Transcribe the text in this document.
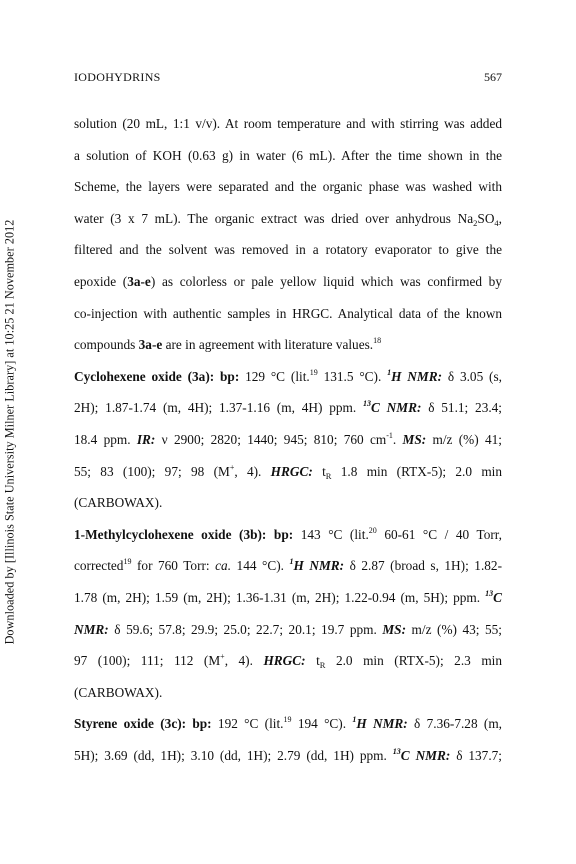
Downloaded by [Illinois State University Milner Library] at 10:25 21 November 2012
IODOHYDRINS	567
solution (20 mL, 1:1 v/v). At room temperature and with stirring was added
a solution of KOH (0.63 g) in water (6 mL). After the time shown in the
Scheme, the layers were separated and the organic phase was washed with
water (3 x 7 mL). The organic extract was dried over anhydrous $Na_2SO_4$,
filtered and the solvent was removed in a rotatory evaporator to give the
epoxide (3a-e) as colorless or pale yellow liquid which was confirmed by
co-injection with authentic samples in HRGC. Analytical data of the known
compounds 3a-e are in agreement with literature values.$^{18}$
Cyclohexene oxide (3a): bp: 129 °C (lit.$^{19}$ 131.5 °C). $^1$H NMR: δ 3.05 (s,
2H); 1.87-1.74 (m, 4H); 1.37-1.16 (m, 4H) ppm. $^{13}$C NMR: δ 51.1; 23.4;
18.4 ppm. IR: ν 2900; 2820; 1440; 945; 810; 760 $cm^{-1}$. MS: m/z (%) 41;
55; 83 (100); 97; 98 (M+, 4). HRGC: $t_R$ 1.8 min (RTX-5); 2.0 min
(CARBOWAX).
1-Methylcyclohexene oxide (3b): bp: 143 °C (lit.$^{20}$ 60-61 °C / 40 Torr,
corrected$^{19}$ for 760 Torr: ca. 144 °C). $^1$H NMR: δ 2.87 (broad s, 1H); 1.82-
1.78 (m, 2H); 1.59 (m, 2H); 1.36-1.31 (m, 2H); 1.22-0.94 (m, 5H); ppm. $^{13}$C
NMR: δ 59.6; 57.8; 29.9; 25.0; 22.7; 20.1; 19.7 ppm. MS: m/z (%) 43; 55;
97 (100); 111; 112 (M+, 4). HRGC: $t_R$ 2.0 min (RTX-5); 2.3 min
(CARBOWAX).
Styrene oxide (3c): bp: 192 °C (lit.$^{19}$ 194 °C). $^1$H NMR: δ 7.36-7.28 (m,
5H); 3.69 (dd, 1H); 3.10 (dd, 1H); 2.79 (dd, 1H) ppm. $^{13}$C NMR: δ 137.7;
